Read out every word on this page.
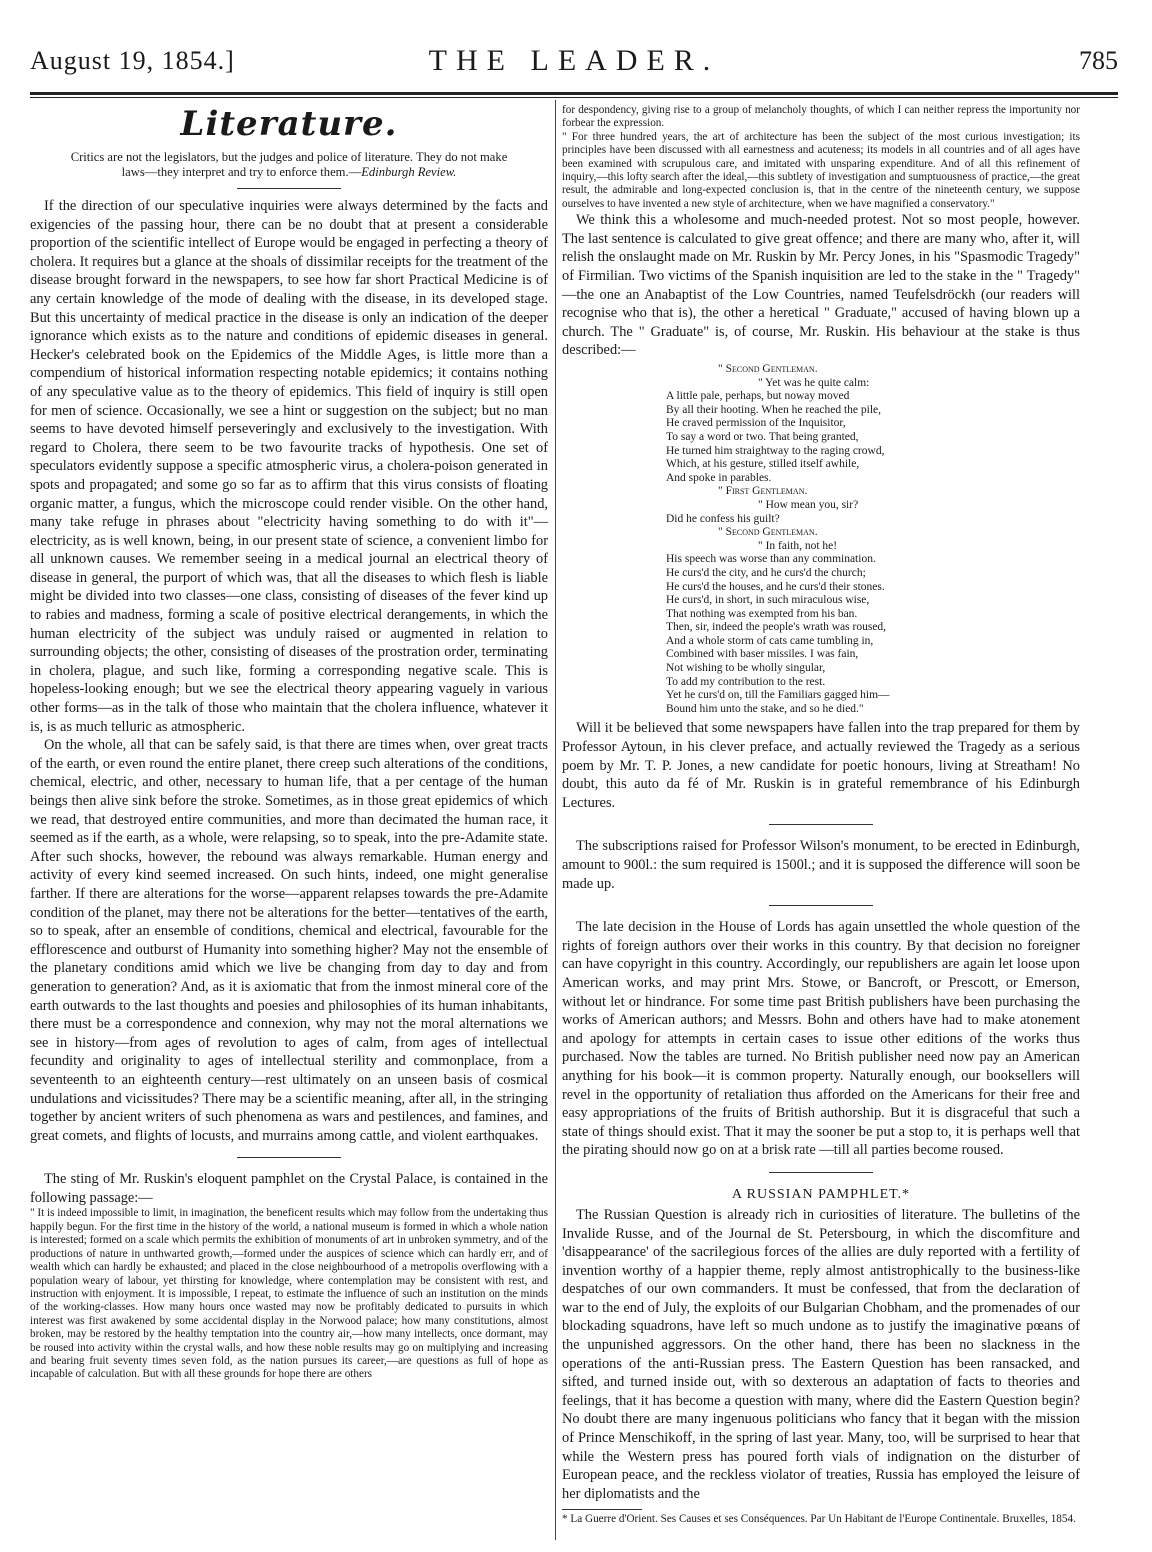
August 19, 1854.]	THE LEADER.	785
Literature.

Critics are not the legislators, but the judges and police of literature. They do not make laws—they interpret and try to enforce them.—Edinburgh Review.

If the direction of our speculative inquiries were always determined by the facts and exigencies of the passing hour, there can be no doubt that at present a considerable proportion of the scientific intellect of Europe would be engaged in perfecting a theory of cholera. It requires but a glance at the shoals of dissimilar receipts for the treatment of the disease brought forward in the newspapers, to see how far short Practical Medicine is of any certain knowledge of the mode of dealing with the disease, in its developed stage. But this uncertainty of medical practice in the disease is only an indication of the deeper ignorance which exists as to the nature and conditions of epidemic diseases in general. Hecker's celebrated book on the Epidemics of the Middle Ages, is little more than a compendium of historical information respecting notable epidemics; it contains nothing of any speculative value as to the theory of epidemics. This field of inquiry is still open for men of science. Occasionally, we see a hint or suggestion on the subject; but no man seems to have devoted himself perseveringly and exclusively to the investigation. With regard to Cholera, there seem to be two favourite tracks of hypothesis. One set of speculators evidently suppose a specific atmospheric virus, a cholera-poison generated in spots and propagated; and some go so far as to affirm that this virus consists of floating organic matter, a fungus, which the microscope could render visible. On the other hand, many take refuge in phrases about "electricity having something to do with it"—electricity, as is well known, being, in our present state of science, a convenient limbo for all unknown causes. We remember seeing in a medical journal an electrical theory of disease in general, the purport of which was, that all the diseases to which flesh is liable might be divided into two classes—one class, consisting of diseases of the fever kind up to rabies and madness, forming a scale of positive electrical derangements, in which the human electricity of the subject was unduly raised or augmented in relation to surrounding objects; the other, consisting of diseases of the prostration order, terminating in cholera, plague, and such like, forming a corresponding negative scale. This is hopeless-looking enough; but we see the electrical theory appearing vaguely in various other forms—as in the talk of those who maintain that the cholera influence, whatever it is, is as much telluric as atmospheric.

On the whole, all that can be safely said, is that there are times when, over great tracts of the earth, or even round the entire planet, there creep such alterations of the conditions, chemical, electric, and other, necessary to human life, that a per centage of the human beings then alive sink before the stroke. Sometimes, as in those great epidemics of which we read, that destroyed entire communities, and more than decimated the human race, it seemed as if the earth, as a whole, were relapsing, so to speak, into the pre-Adamite state. After such shocks, however, the rebound was always remarkable. Human energy and activity of every kind seemed increased. On such hints, indeed, one might generalise farther. If there are alterations for the worse—apparent relapses towards the pre-Adamite condition of the planet, may there not be alterations for the better—tentatives of the earth, so to speak, after an ensemble of conditions, chemical and electrical, favourable for the efflorescence and outburst of Humanity into something higher? May not the ensemble of the planetary conditions amid which we live be changing from day to day and from generation to generation? And, as it is axiomatic that from the inmost mineral core of the earth outwards to the last thoughts and poesies and philosophies of its human inhabitants, there must be a correspondence and connexion, why may not the moral alternations we see in history—from ages of revolution to ages of calm, from ages of intellectual fecundity and originality to ages of intellectual sterility and commonplace, from a seventeenth to an eighteenth century—rest ultimately on an unseen basis of cosmical undulations and vicissitudes? There may be a scientific meaning, after all, in the stringing together by ancient writers of such phenomena as wars and pestilences, and famines, and great comets, and flights of locusts, and murrains among cattle, and violent earthquakes.

The sting of Mr. Ruskin's eloquent pamphlet on the Crystal Palace, is contained in the following passage:—

" It is indeed impossible to limit, in imagination, the beneficent results which may follow from the undertaking thus happily begun. For the first time in the history of the world, a national museum is formed in which a whole nation is interested; formed on a scale which permits the exhibition of monuments of art in unbroken symmetry, and of the productions of nature in unthwarted growth,—formed under the auspices of science which can hardly err, and of wealth which can hardly be exhausted; and placed in the close neighbourhood of a metropolis overflowing with a population weary of labour, yet thirsting for knowledge, where contemplation may be consistent with rest, and instruction with enjoyment. It is impossible, I repeat, to estimate the influence of such an institution on the minds of the working-classes. How many hours once wasted may now be profitably dedicated to pursuits in which interest was first awakened by some accidental display in the Norwood palace; how many constitutions, almost broken, may be restored by the healthy temptation into the country air,—how many intellects, once dormant, may be roused into activity within the crystal walls, and how these noble results may go on multiplying and increasing and bearing fruit seventy times seven fold, as the nation pursues its career,—are questions as full of hope as incapable of calculation. But with all these grounds for hope there are others

for despondency, giving rise to a group of melancholy thoughts, of which I can neither repress the importunity nor forbear the expression.

" For three hundred years, the art of architecture has been the subject of the most curious investigation; its principles have been discussed with all earnestness and acuteness; its models in all countries and of all ages have been examined with scrupulous care, and imitated with unsparing expenditure. And of all this refinement of inquiry,—this lofty search after the ideal,—this subtlety of investigation and sumptuousness of practice,—the great result, the admirable and long-expected conclusion is, that in the centre of the nineteenth century, we suppose ourselves to have invented a new style of architecture, when we have magnified a conservatory."

We think this a wholesome and much-needed protest. Not so most people, however. The last sentence is calculated to give great offence; and there are many who, after it, will relish the onslaught made on Mr. Ruskin by Mr. Percy Jones, in his "Spasmodic Tragedy" of Firmilian. Two victims of the Spanish inquisition are led to the stake in the " Tragedy" —the one an Anabaptist of the Low Countries, named Teufelsdröckh (our readers will recognise who that is), the other a heretical " Graduate," accused of having blown up a church. The " Graduate" is, of course, Mr. Ruskin. His behaviour at the stake is thus described:—

" Second Gentleman.
" Yet was he quite calm:
A little pale, perhaps, but noway moved
By all their hooting. When he reached the pile,
He craved permission of the Inquisitor,
To say a word or two. That being granted,
He turned him straightway to the raging crowd,
Which, at his gesture, stilled itself awhile,
And spoke in parables.
" First Gentleman.
" How mean you, sir?
Did he confess his guilt?
" Second Gentleman.
" In faith, not he!
His speech was worse than any commination.
He curs'd the city, and he curs'd the church;
He curs'd the houses, and he curs'd their stones.
He curs'd, in short, in such miraculous wise,
That nothing was exempted from his ban.
Then, sir, indeed the people's wrath was roused,
And a whole storm of cats came tumbling in,
Combined with baser missiles. I was fain,
Not wishing to be wholly singular,
To add my contribution to the rest.
Yet he curs'd on, till the Familiars gagged him—
Bound him unto the stake, and so he died."

Will it be believed that some newspapers have fallen into the trap prepared for them by Professor Aytoun, in his clever preface, and actually reviewed the Tragedy as a serious poem by Mr. T. P. Jones, a new candidate for poetic honours, living at Streatham! No doubt, this auto da fé of Mr. Ruskin is in grateful remembrance of his Edinburgh Lectures.

The subscriptions raised for Professor Wilson's monument, to be erected in Edinburgh, amount to 900l.: the sum required is 1500l.; and it is supposed the difference will soon be made up.

The late decision in the House of Lords has again unsettled the whole question of the rights of foreign authors over their works in this country. By that decision no foreigner can have copyright in this country. Accordingly, our republishers are again let loose upon American works, and may print Mrs. Stowe, or Bancroft, or Prescott, or Emerson, without let or hindrance. For some time past British publishers have been purchasing the works of American authors; and Messrs. Bohn and others have had to make atonement and apology for attempts in certain cases to issue other editions of the works thus purchased. Now the tables are turned. No British publisher need now pay an American anything for his book—it is common property. Naturally enough, our booksellers will revel in the opportunity of retaliation thus afforded on the Americans for their free and easy appropriations of the fruits of British authorship. But it is disgraceful that such a state of things should exist. That it may the sooner be put a stop to, it is perhaps well that the pirating should now go on at a brisk rate —till all parties become roused.

A RUSSIAN PAMPHLET.*

The Russian Question is already rich in curiosities of literature. The bulletins of the Invalide Russe, and of the Journal de St. Petersbourg, in which the discomfiture and 'disappearance' of the sacrilegious forces of the allies are duly reported with a fertility of invention worthy of a happier theme, reply almost antistrophically to the business-like despatches of our own commanders. It must be confessed, that from the declaration of war to the end of July, the exploits of our Bulgarian Chobham, and the promenades of our blockading squadrons, have left so much undone as to justify the imaginative pœans of the unpunished aggressors. On the other hand, there has been no slackness in the operations of the anti-Russian press. The Eastern Question has been ransacked, and sifted, and turned inside out, with so dexterous an adaptation of facts to theories and feelings, that it has become a question with many, where did the Eastern Question begin? No doubt there are many ingenuous politicians who fancy that it began with the mission of Prince Menschikoff, in the spring of last year. Many, too, will be surprised to hear that while the Western press has poured forth vials of indignation on the disturber of European peace, and the reckless violator of treaties, Russia has employed the leisure of her diplomatists and the

* La Guerre d'Orient. Ses Causes et ses Conséquences. Par Un Habitant de l'Europe Continentale. Bruxelles, 1854.
